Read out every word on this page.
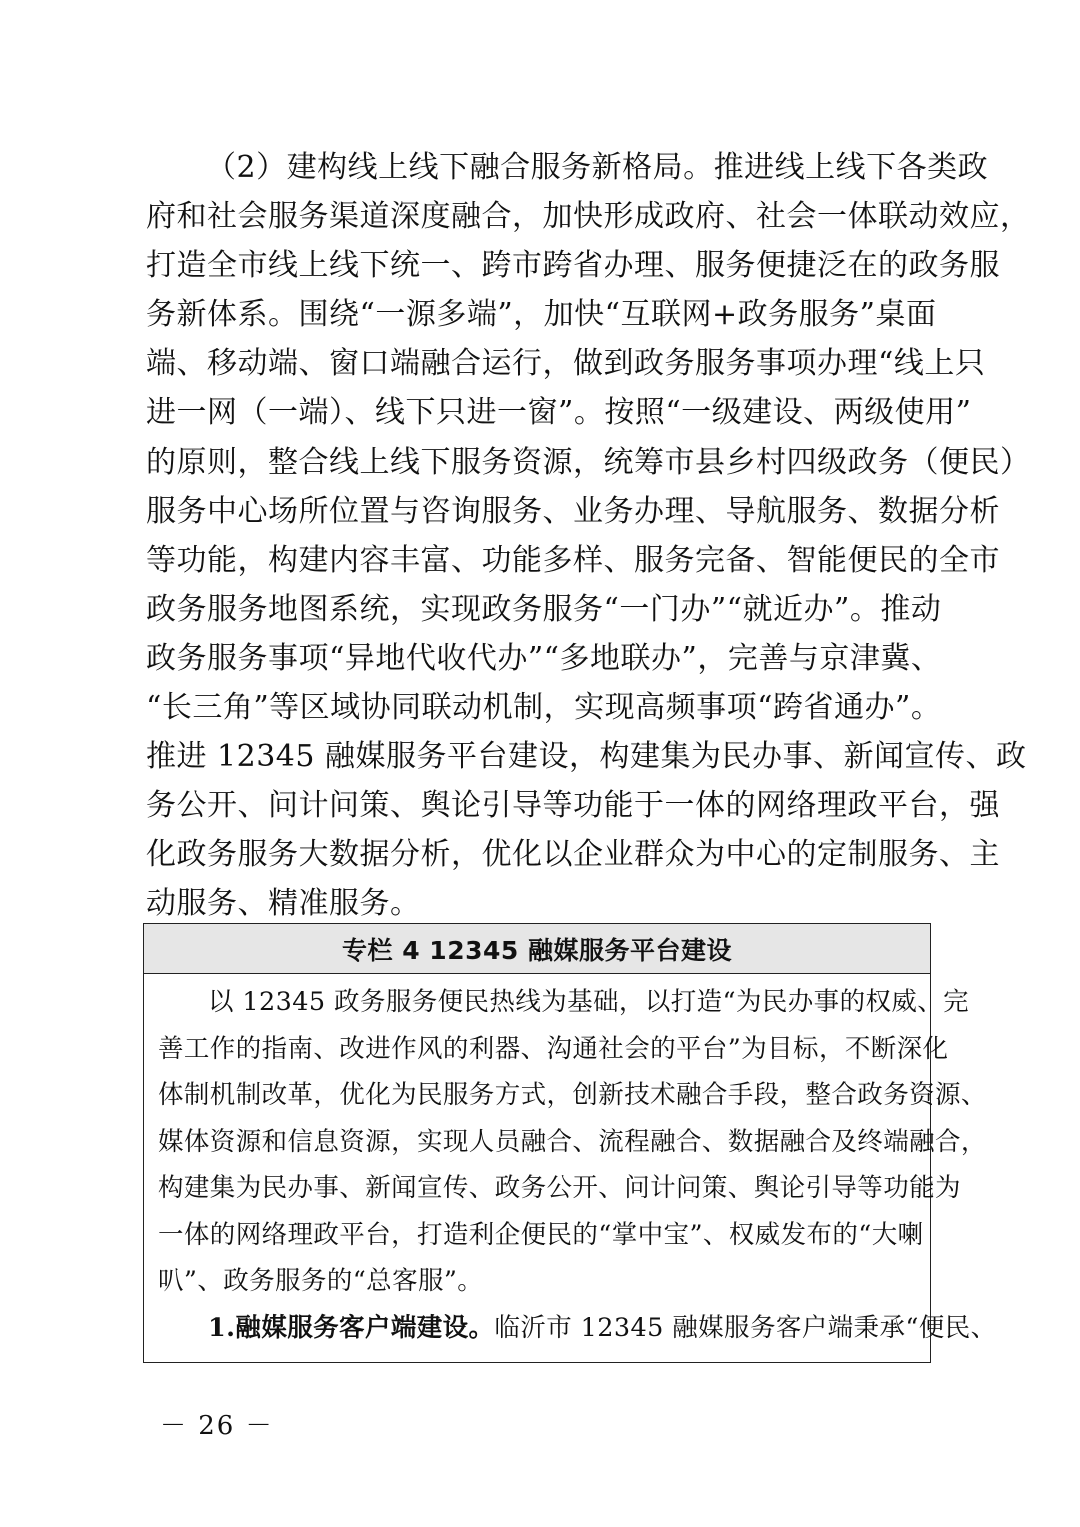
（2）建构线上线下融合服务新格局。推进线上线下各类政
府和社会服务渠道深度融合，加快形成政府、社会一体联动效应，
打造全市线上线下统一、跨市跨省办理、服务便捷泛在的政务服
务新体系。围绕“一源多端”，加快“互联网+政务服务”桌面
端、移动端、窗口端融合运行，做到政务服务事项办理“线上只
进一网（一端）、线下只进一窗”。按照“一级建设、两级使用”
的原则，整合线上线下服务资源，统筹市县乡村四级政务（便民）
服务中心场所位置与咨询服务、业务办理、导航服务、数据分析
等功能，构建内容丰富、功能多样、服务完备、智能便民的全市
政务服务地图系统，实现政务服务“一门办”“就近办”。推动
政务服务事项“异地代收代办”“多地联办”，完善与京津冀、
“长三角”等区域协同联动机制，实现高频事项“跨省通办”。
推进 12345 融媒服务平台建设，构建集为民办事、新闻宣传、政
务公开、问计问策、舆论引导等功能于一体的网络理政平台，强
化政务服务大数据分析，优化以企业群众为中心的定制服务、主
动服务、精准服务。
专栏 4 12345 融媒服务平台建设
以 12345 政务服务便民热线为基础，以打造“为民办事的权威、完
善工作的指南、改进作风的利器、沟通社会的平台”为目标，不断深化
体制机制改革，优化为民服务方式，创新技术融合手段，整合政务资源、
媒体资源和信息资源，实现人员融合、流程融合、数据融合及终端融合，
构建集为民办事、新闻宣传、政务公开、问计问策、舆论引导等功能为
一体的网络理政平台，打造利企便民的“掌中宝”、权威发布的“大喇
叭”、政务服务的“总客服”。
1.融媒服务客户端建设。临沂市 12345 融媒服务客户端秉承“便民、
－ 26 －
